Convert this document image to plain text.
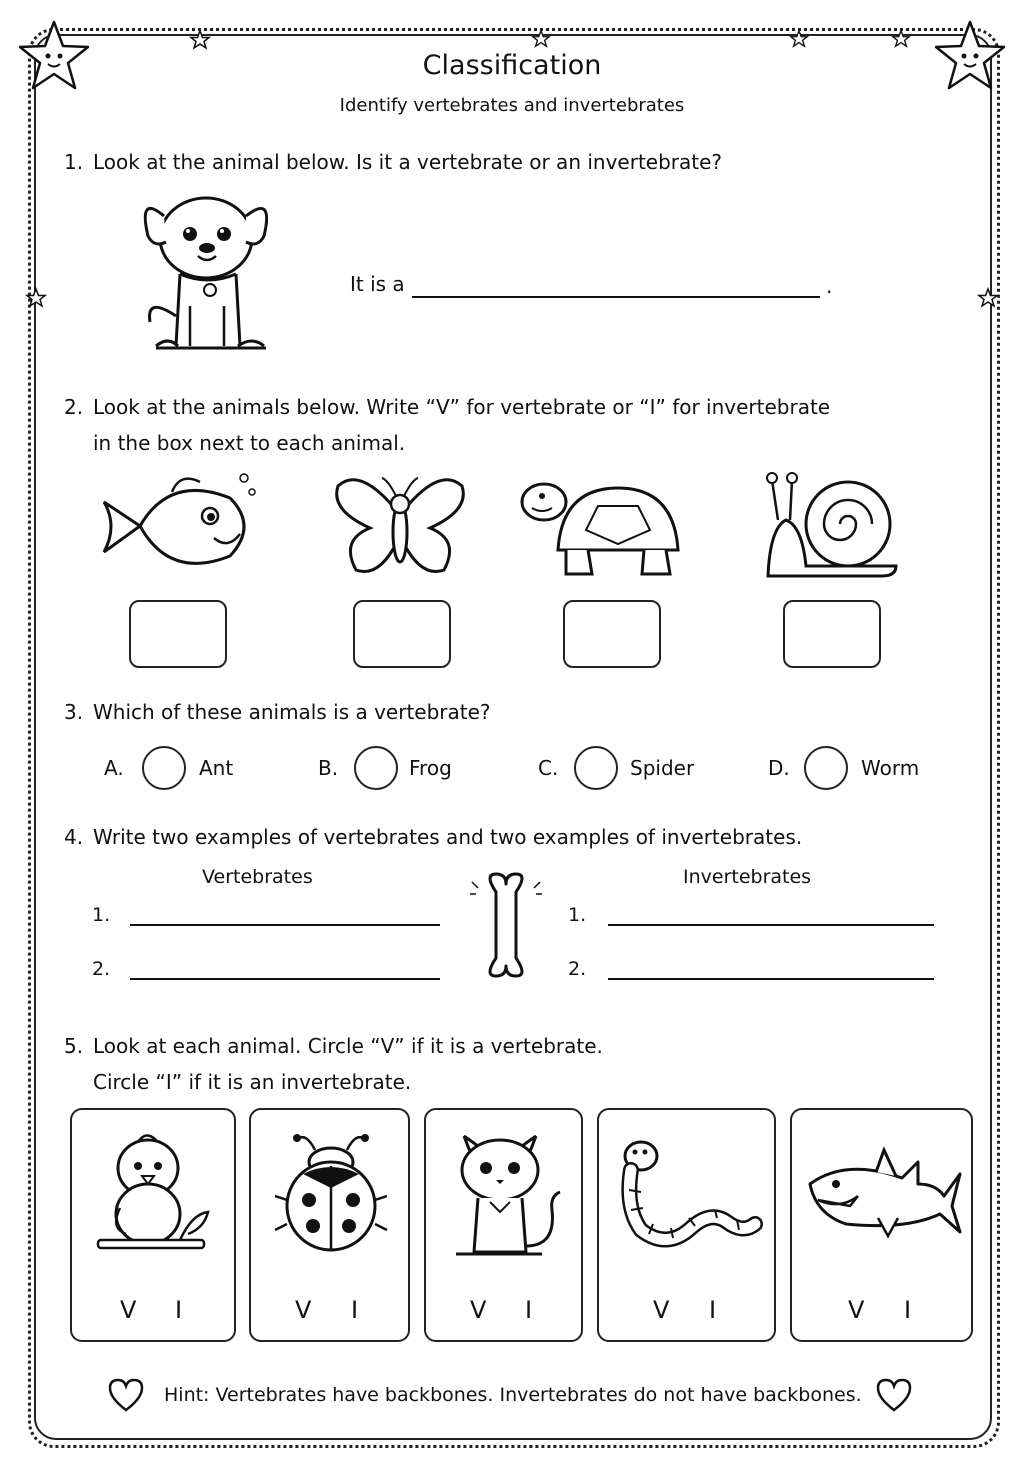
Classification
Identify vertebrates and invertebrates
1. Look at the animal below. Is it a vertebrate or an invertebrate?
It is a	.
2. Look at the animals below. Write “V” for vertebrate or “I” for invertebrate
in the box next to each animal.
3. Which of these animals is a vertebrate?
A.	Ant	B.	Frog	C.	Spider	D.	Worm
4. Write two examples of vertebrates and two examples of invertebrates.
Vertebrates	Invertebrates
1.
2.
1.
2.
5. Look at each animal. Circle “V” if it is a vertebrate.
Circle “I” if it is an invertebrate.
V I	V I	V I	V I	V I
Hint: Vertebrates have backbones. Invertebrates do not have backbones.
